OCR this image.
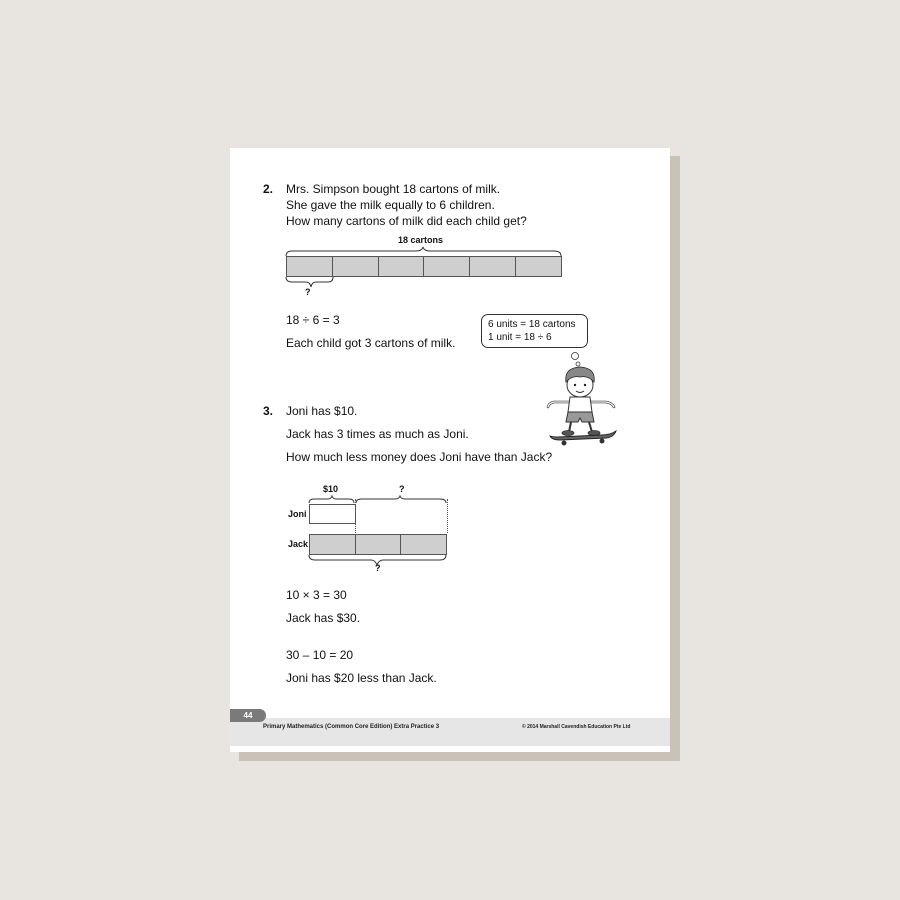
2. Mrs. Simpson bought 18 cartons of milk.
She gave the milk equally to 6 children.
How many cartons of milk did each child get?
18 cartons
?
18 ÷ 6 = 3
Each child got 3 cartons of milk.
6 units = 18 cartons
1 unit = 18 ÷ 6
3. Joni has $10.
Jack has 3 times as much as Joni.
How much less money does Joni have than Jack?
$10	?
Joni
Jack
?
10 × 3 = 30
Jack has $30.
30 – 10 = 20
Joni has $20 less than Jack.
44
Primary Mathematics (Common Core Edition) Extra Practice 3	© 2014 Marshall Cavendish Education Pte Ltd
